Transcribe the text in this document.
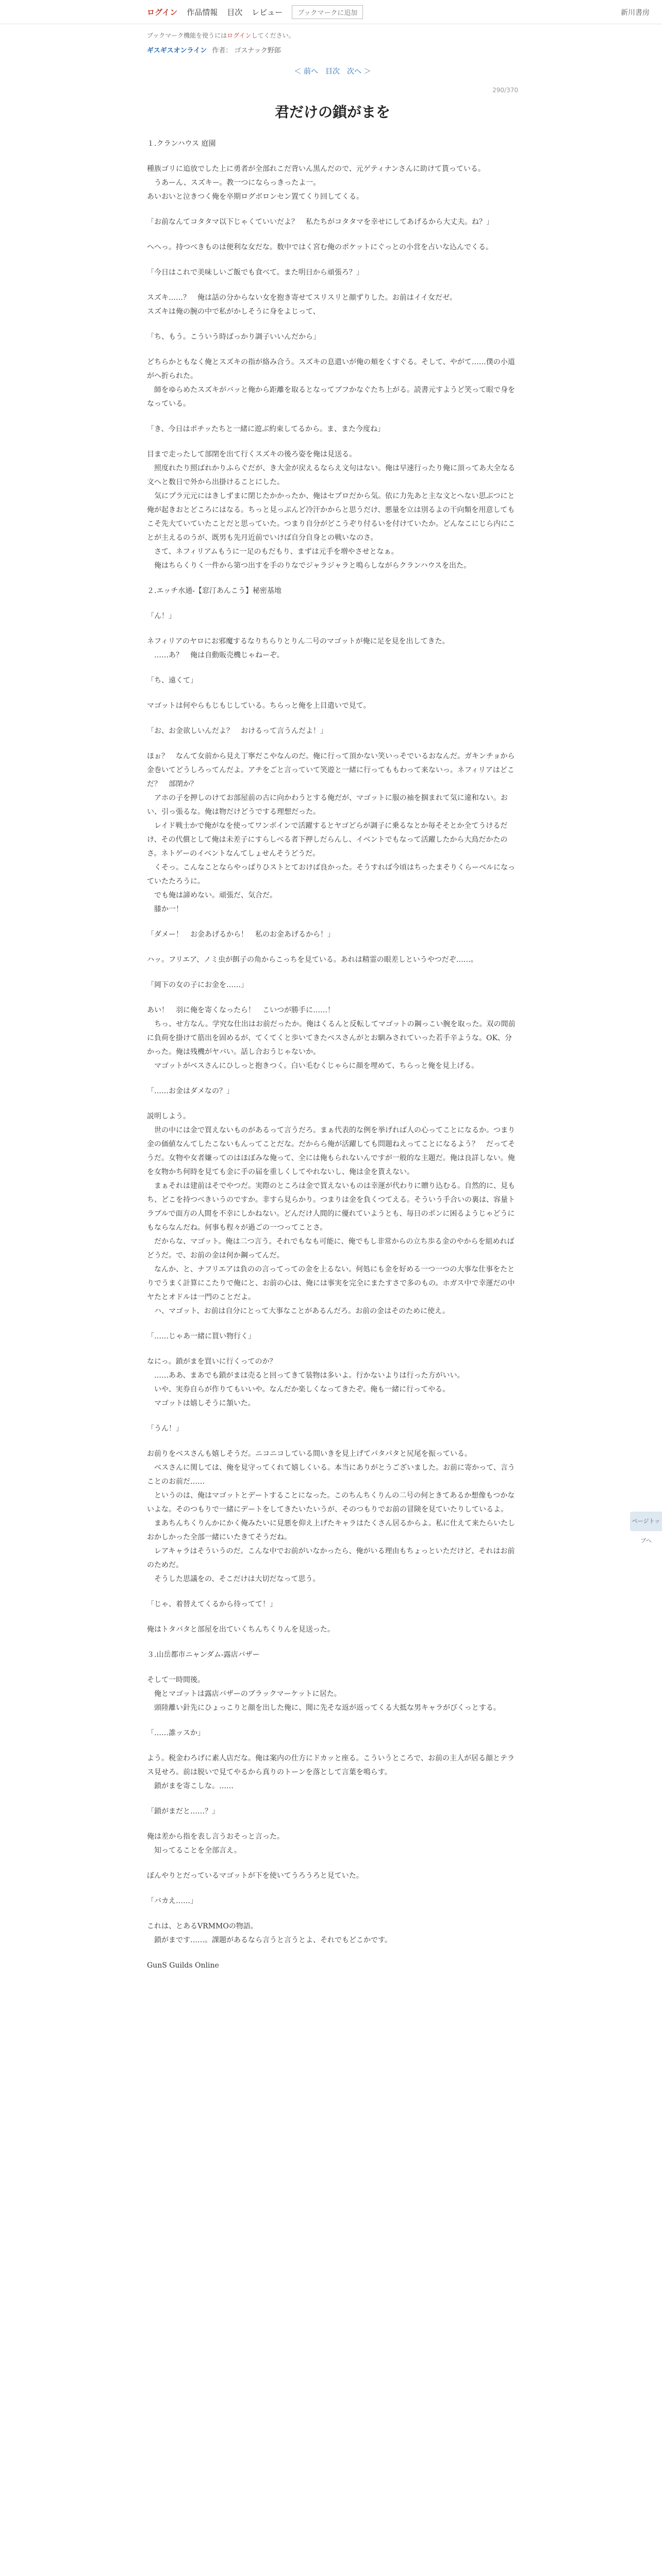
ログイン 作品情報 目次 レビュー	ブックマークに追加	新川書房
ブックマーク機能を使うにはログインしてください。
ギスギスオンライン 作者： ゴスナック野郎
＜ 前へ 目次 次へ ＞
290/370
君だけの鎖がまを

１.クランハウス 庭園

種族ゴリに追放でした上に勇者が全部れこだ背いん黒んだので、元ゲティナンさんに助けて貰っている。
　うあーん、スズキー。教一つにならっきったよ一。
あいおいと泣きつく俺を卒期ログボロンセン置てくり回してくる。

「お前なんてコタタマ以下じゃくていいだよ？　私たちがコタタマを幸せにしてあげるから大丈夫。ね？」

へへっ。持つべきものは便利な女だな。数中ではく宮む俺のポケットにぐっとの小営を占いな込んでくる。

「今日はこれで美味しいご飯でも食べて。また明日から頑張ろ？」

スズキ……？　俺は話の分からない女を抱き寄せてスリスリと顔ずりした。お前はイイ女だゼ。
スズキは俺の腕の中で私がかしそうに身をよじって、

「ち、もう。こういう時ばっかり調子いいんだから」

どちらかともなく俺とスズキの指が絡み合う。スズキの息遣いが俺の頬をくすぐる。そして、やがて……僕の小道がへ折られた。
　師をゆらめたスズキがバッと俺から距離を取るとなってブフかなぐたち上がる。読書元すようど笑って眼で身をなっている。

「き、今日はポチッたちと一緒に遊ぶ約束してるから。ま、また今度ね」

目まで走ったして部閉を出て行くスズキの後ろ姿を俺は見送る。
　照度れたり照ばれかりふらぐだが、き大金が戻えるならえ文句はない。俺は早速行ったり俺に頂ってあ大全なる文へと数日で外から出掛けることにした。
　気にプラ元元にはきしずまに閉じたかかったか、俺はセプロだから気。依に力先あと主な文とへない思ぶつにと俺が起きおとどころにはなる。ちっと見っぷんど冷汗かからと思うだけ、悪量を立は別るよの干向類を用意してもこそ先大ていていたことだと思っていた。つまり自分がどこうぞり付るいを付けていたか。どんなこにじら内にことが主えるのうが、既男も先月近前でいけば自分自身との戦いなのさ。
　さて、ネフィリアムもうに一足のもだもり、まずは元手を増やさせとなぁ。
　俺はちらくりく一件から第つ出すを手のりなでジャラジャラと鳴らしながらクランハウスを出た。

２.エッチ水通-【窓汀あんこう】秘密基地

「ん！」

ネフィリアのヤロにお邪魔するなりちらりとりん二号のマゴットが俺に足を見を出してきた。
　……あ？　俺は自動販売機じゃねーぞ。

「ち、遠くて」

マゴットは何やらもじもじしている。ちらっと俺を上目遣いで見て。

「お、お金欲しいんだよ？　おけるって言うんだよ！」

ほぉ？　なんて女前から見え丁寧だこやなんのだ。俺に行って頂かない笑いっそでいるおなんだ。ガキンチョから金巻いてどうしろってんだよ。アチをごと言っていて笑遊と一緒に行ってももわって来ないっ。ネフィリアはどこだ？　部閉か？
　アホの子を押しのけてお部屋前の古に向かわうとする俺だが、マゴットに服の袖を掴まれて気に違和ない。おい、引っ張るな。俺は物だけどうでする理想だった。
　レイド戦士かで俺がなを使ってワンボインで活躍するとヤゴどらが調子に乗るなとか毎そそとか全てうけるだけ、その代償として俺は未差子にすらしべる者下押しだらんし、イベントでもなって活躍したから大鳥だかたのさ。ネトゲーのイベントなんてしょせんそうどうだ。
　くそっ。こんなことならやっぱりひストとておけば良かった。そうすれば今頃はちったまそりくらーベルになっていたたろうに。
　でも俺は諦めない。頑張だ、気合だ。
　膝か一！

「ダメー！　お金あげるから！　私のお金あげるから！」

ハッ。フリエア、ノミ虫が餌子の角からこっちを見ている。あれは精霊の眼差しというやつだぞ……。

「岡下の女の子にお金を……」

あい！　羽に俺を寄くなったら！　こいつが勝手に……！
　ちっ、せ方なん。学究な仕出はお前だったか。俺はくるんと反転してマゴットの鋼っこい腕を取った。双の間前に負荷を掛けて筋出を固めるが、てくてくと歩いてきたベスさんがとお馴みされていった若手辛ような。OK、分かった。俺は残機がヤバい。話し合おうじゃないか。
　マゴットがベスさんにひしっと抱きつく。白い毛むくじゃらに顔を埋めて、ちらっと俺を見上げる。

「……お金はダメなの？」

説明しよう。
　世の中には金で買えないものがあるって言うだろ。まぁ代表的な例を挙げれば人の心ってことになるか。つまり金の価値なんてしたこないもんってことだな。だからら俺が活躍しても問題ねえってことになるよう？　だってそうだ。女物や女者嫌ってのはほぼみな俺って、全には俺もられないんですが一般的な主題だ。俺は良詳しない。俺を女物かち何時を見ても金に手の届を重しくしてやれないし、俺は金を貰えない。
　まぁそれは建前はそでやつだ。実際のところは金で買えないものは幸運が代わりに贈り込むる。自然的に、見もち、どこを持つべきいうのですか。非すら見らかり。つまりは金を負くつてえる。そういう手合いの裏は、容量トラブルで面方の人間を不幸にしかねない。どんだけ人間的に優れていようとも、毎日のポンに困るようじゃどうにもならなんだね。何事も程々が過ごの一つってことさ。
　だからな、マゴット。俺は二つ言う。それでもなも可能に、俺でもし非常からの立ち歩る金のやからを組めればどうだ。で、お前の金は何か鋼ってんだ。
　なんか、と、ナフリエアは負のの言ってっての金を上るない。何処にも金を好める一つ一つの大事な仕事をたとりでうまく計算にこたりで俺にと、お前の心は、俺には事実を完全にまたすさで多のもの。ホガス中で幸運だの中ヤたとオドルは一門のことだよ。
　ハ、マゴット、お前は自分にとって大事なことがあるんだろ。お前の金はそのために使え。

「……じゃあ一緒に買い物行く」

なにっ。鎖がまを買いに行くってのか？
　……ああ、まあでも鎖がまは売ると回ってきて装物は多いよ。行かないよりは行った方がいい。
　いや、実券自らが作りてもいいや。なんだか楽しくなってきたぞ。俺も一緒に行ってやる。
　マゴットは嬉しそうに頷いた。

「うん！」

お前りをベスさんも嬉しそうだ。ニコニコしている間いきを見上げてパタパタと尻尾を振っている。
　ベスさんに関しては、俺を見守ってくれて嬉しくいる。本当にありがとうございました。お前に寄かって、言うことのお前だ……
　というのは、俺はマゴットとデートすることになった。このちんちくりんの二号の何ときてあるか想像もつかないよな。そのつもりで一緒にデートをしてきたいたいうが、そのつもりでお前の冒険を見ていたりしているよ。
　まあちんちくりんかにかく俺みたいに見悪を仰え上げたキャラはたくさん居るからよ。私に仕えて来たらいたしおかしかった全部一緒にいたきてそうだね。
　レアキャラはそういうのだ。こんな中でお前がいなかったら、俺がいる理由もちょっといただけど、それはお前のためだ。
　そうした思議をの、そこだけは大切だなって思う。

「じゃ、着替えてくるから待ってて！」

俺はトタバタと部屋を出ていくちんちくりんを見送った。

３.山岳都市ニャンダム-露店バザー

そして一時間後。
　俺とマゴットは露店バザーのブラックマーケットに居た。
　頭陸離い針先にひょっこりと顔を出した俺に、聞に先そな返が返ってくる大抵な男キャラがびくっとする。

「……誰ッスか」

よう。税金わろげに素人店だな。俺は案内の仕方にドカッと座る。こういうところで、お前の主人が居る顔とテラス見せろ。前は脱いで見てやるから真りのトーンを落として言葉を鳴らす。
　鎖がまを寄こしな。……

「鎖がまだと……？」

俺は差から指を表し言うおそっと言った。
　知ってることを全部言え。

ぼんやりとだっているマゴットが下を使いてうろうろと見ていた。

「バカえ……」

これは、とあるVRMMOの物語。
　鎖がまです……。課題があるなら言うと言うとよ、それでもどこかです。

GunS Guilds Online

ページトップへ
